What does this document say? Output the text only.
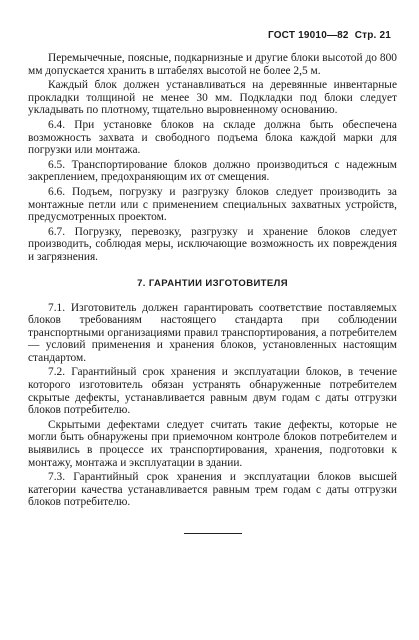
ГОСТ 19010—82 Стр. 21

Перемычечные, поясные, подкарнизные и другие блоки высотой до 800 мм допускается хранить в штабелях высотой не более 2,5 м.

Каждый блок должен устанавливаться на деревянные инвентарные прокладки толщиной не менее 30 мм. Подкладки под блоки следует укладывать по плотному, тщательно выровненному основанию.

6.4. При установке блоков на складе должна быть обеспечена возможность захвата и свободного подъема блока каждой марки для погрузки или монтажа.

6.5. Транспортирование блоков должно производиться с надежным закреплением, предохраняющим их от смещения.

6.6. Подъем, погрузку и разгрузку блоков следует производить за монтажные петли или с применением специальных захватных устройств, предусмотренных проектом.

6.7. Погрузку, перевозку, разгрузку и хранение блоков следует производить, соблюдая меры, исключающие возможность их повреждения и загрязнения.

7. ГАРАНТИИ ИЗГОТОВИТЕЛЯ

7.1. Изготовитель должен гарантировать соответствие поставляемых блоков требованиям настоящего стандарта при соблюдении транспортными организациями правил транспортирования, а потребителем — условий применения и хранения блоков, установленных настоящим стандартом.

7.2. Гарантийный срок хранения и эксплуатации блоков, в течение которого изготовитель обязан устранять обнаруженные потребителем скрытые дефекты, устанавливается равным двум годам с даты отгрузки блоков потребителю.

Скрытыми дефектами следует считать такие дефекты, которые не могли быть обнаружены при приемочном контроле блоков потребителем и выявились в процессе их транспортирования, хранения, подготовки к монтажу, монтажа и эксплуатации в здании.

7.3. Гарантийный срок хранения и эксплуатации блоков высшей категории качества устанавливается равным трем годам с даты отгрузки блоков потребителю.
